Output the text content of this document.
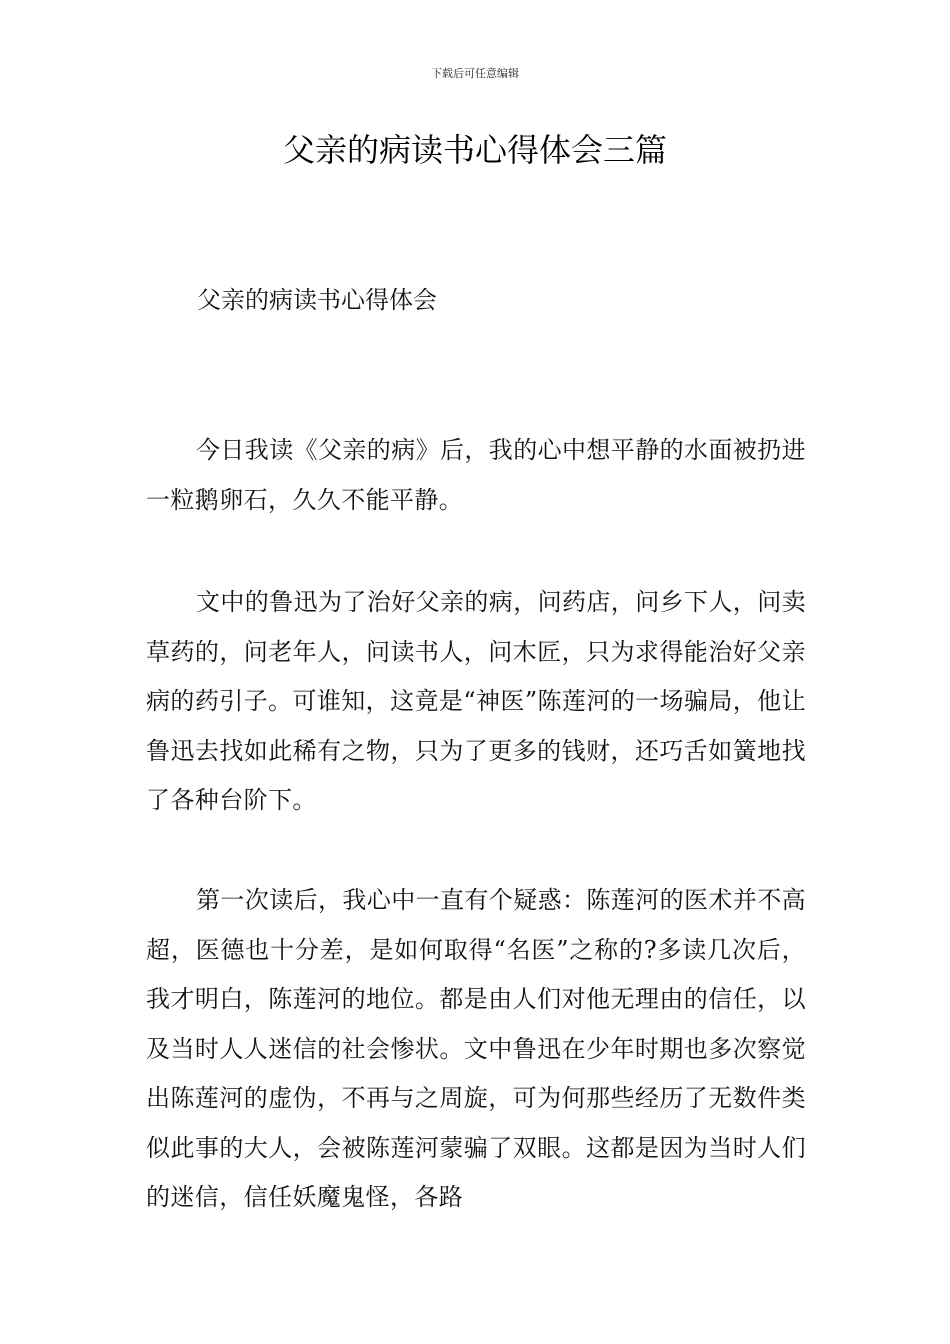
下载后可任意编辑
父亲的病读书心得体会三篇

父亲的病读书心得体会

今日我读《父亲的病》后，我的心中想平静的水面被扔进一粒鹅卵石，久久不能平静。

文中的鲁迅为了治好父亲的病，问药店，问乡下人，问卖草药的，问老年人，问读书人，问木匠，只为求得能治好父亲病的药引子。可谁知，这竟是“神医”陈莲河的一场骗局，他让鲁迅去找如此稀有之物，只为了更多的钱财，还巧舌如簧地找了各种台阶下。

第一次读后，我心中一直有个疑惑：陈莲河的医术并不高超，医德也十分差，是如何取得“名医”之称的?多读几次后，我才明白，陈莲河的地位。都是由人们对他无理由的信任，以及当时人人迷信的社会惨状。文中鲁迅在少年时期也多次察觉出陈莲河的虚伪，不再与之周旋，可为何那些经历了无数件类似此事的大人，会被陈莲河蒙骗了双眼。这都是因为当时人们的迷信，信任妖魔鬼怪，各路
